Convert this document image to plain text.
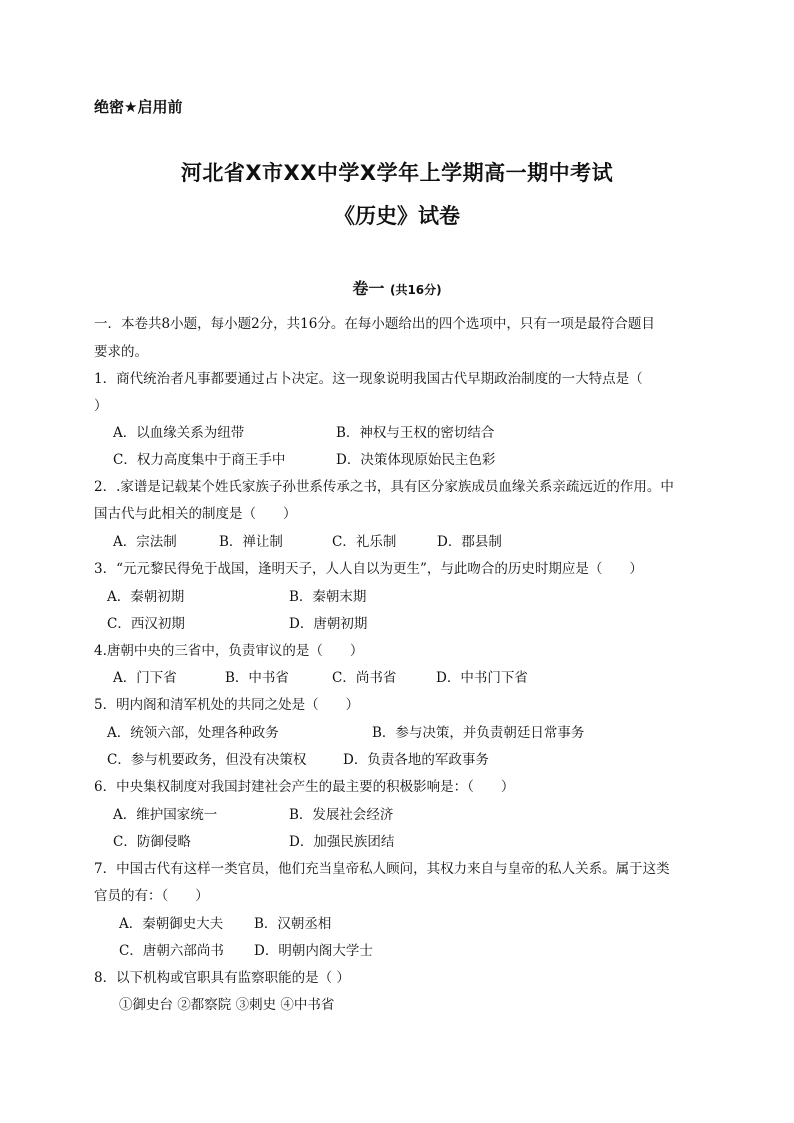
绝密★启用前
河北省X市XX中学X学年上学期高一期中考试
《历史》试卷
卷一 (共16分)
一．本卷共8小题，每小题2分，共16分。在每小题给出的四个选项中，只有一项是最符合题目
要求的。
1．商代统治者凡事都要通过占卜决定。这一现象说明我国古代早期政治制度的一大特点是（
）
A．以血缘关系为纽带	B．神权与王权的密切结合
C．权力高度集中于商王手中	D．决策体现原始民主色彩
2．.家谱是记载某个姓氏家族子孙世系传承之书，具有区分家族成员血缘关系亲疏远近的作用。中
国古代与此相关的制度是（　　）
A．宗法制	B．禅让制	C．礼乐制	D．郡县制
3．“元元黎民得免于战国，逢明天子，人人自以为更生”，与此吻合的历史时期应是（　　）
A．秦朝初期	B．秦朝末期
C．西汉初期	D．唐朝初期
4.唐朝中央的三省中，负责审议的是（　　）
A．门下省	B．中书省	C．尚书省	D．中书门下省
5．明内阁和清军机处的共同之处是（　　）
A．统领六部，处理各种政务	B．参与决策，并负责朝廷日常事务
C．参与机要政务，但没有决策权	D．负责各地的军政事务
6．中央集权制度对我国封建社会产生的最主要的积极影响是：（　　）
A．维护国家统一	B．发展社会经济
C．防御侵略	D．加强民族团结
7．中国古代有这样一类官员，他们充当皇帝私人顾问，其权力来自与皇帝的私人关系。属于这类
官员的有：（　　）
A．秦朝御史大夫 B．汉朝丞相
C．唐朝六部尚书 D．明朝内阁大学士
8．以下机构或官职具有监察职能的是（ ）
①御史台 ②都察院 ③刺史 ④中书省
